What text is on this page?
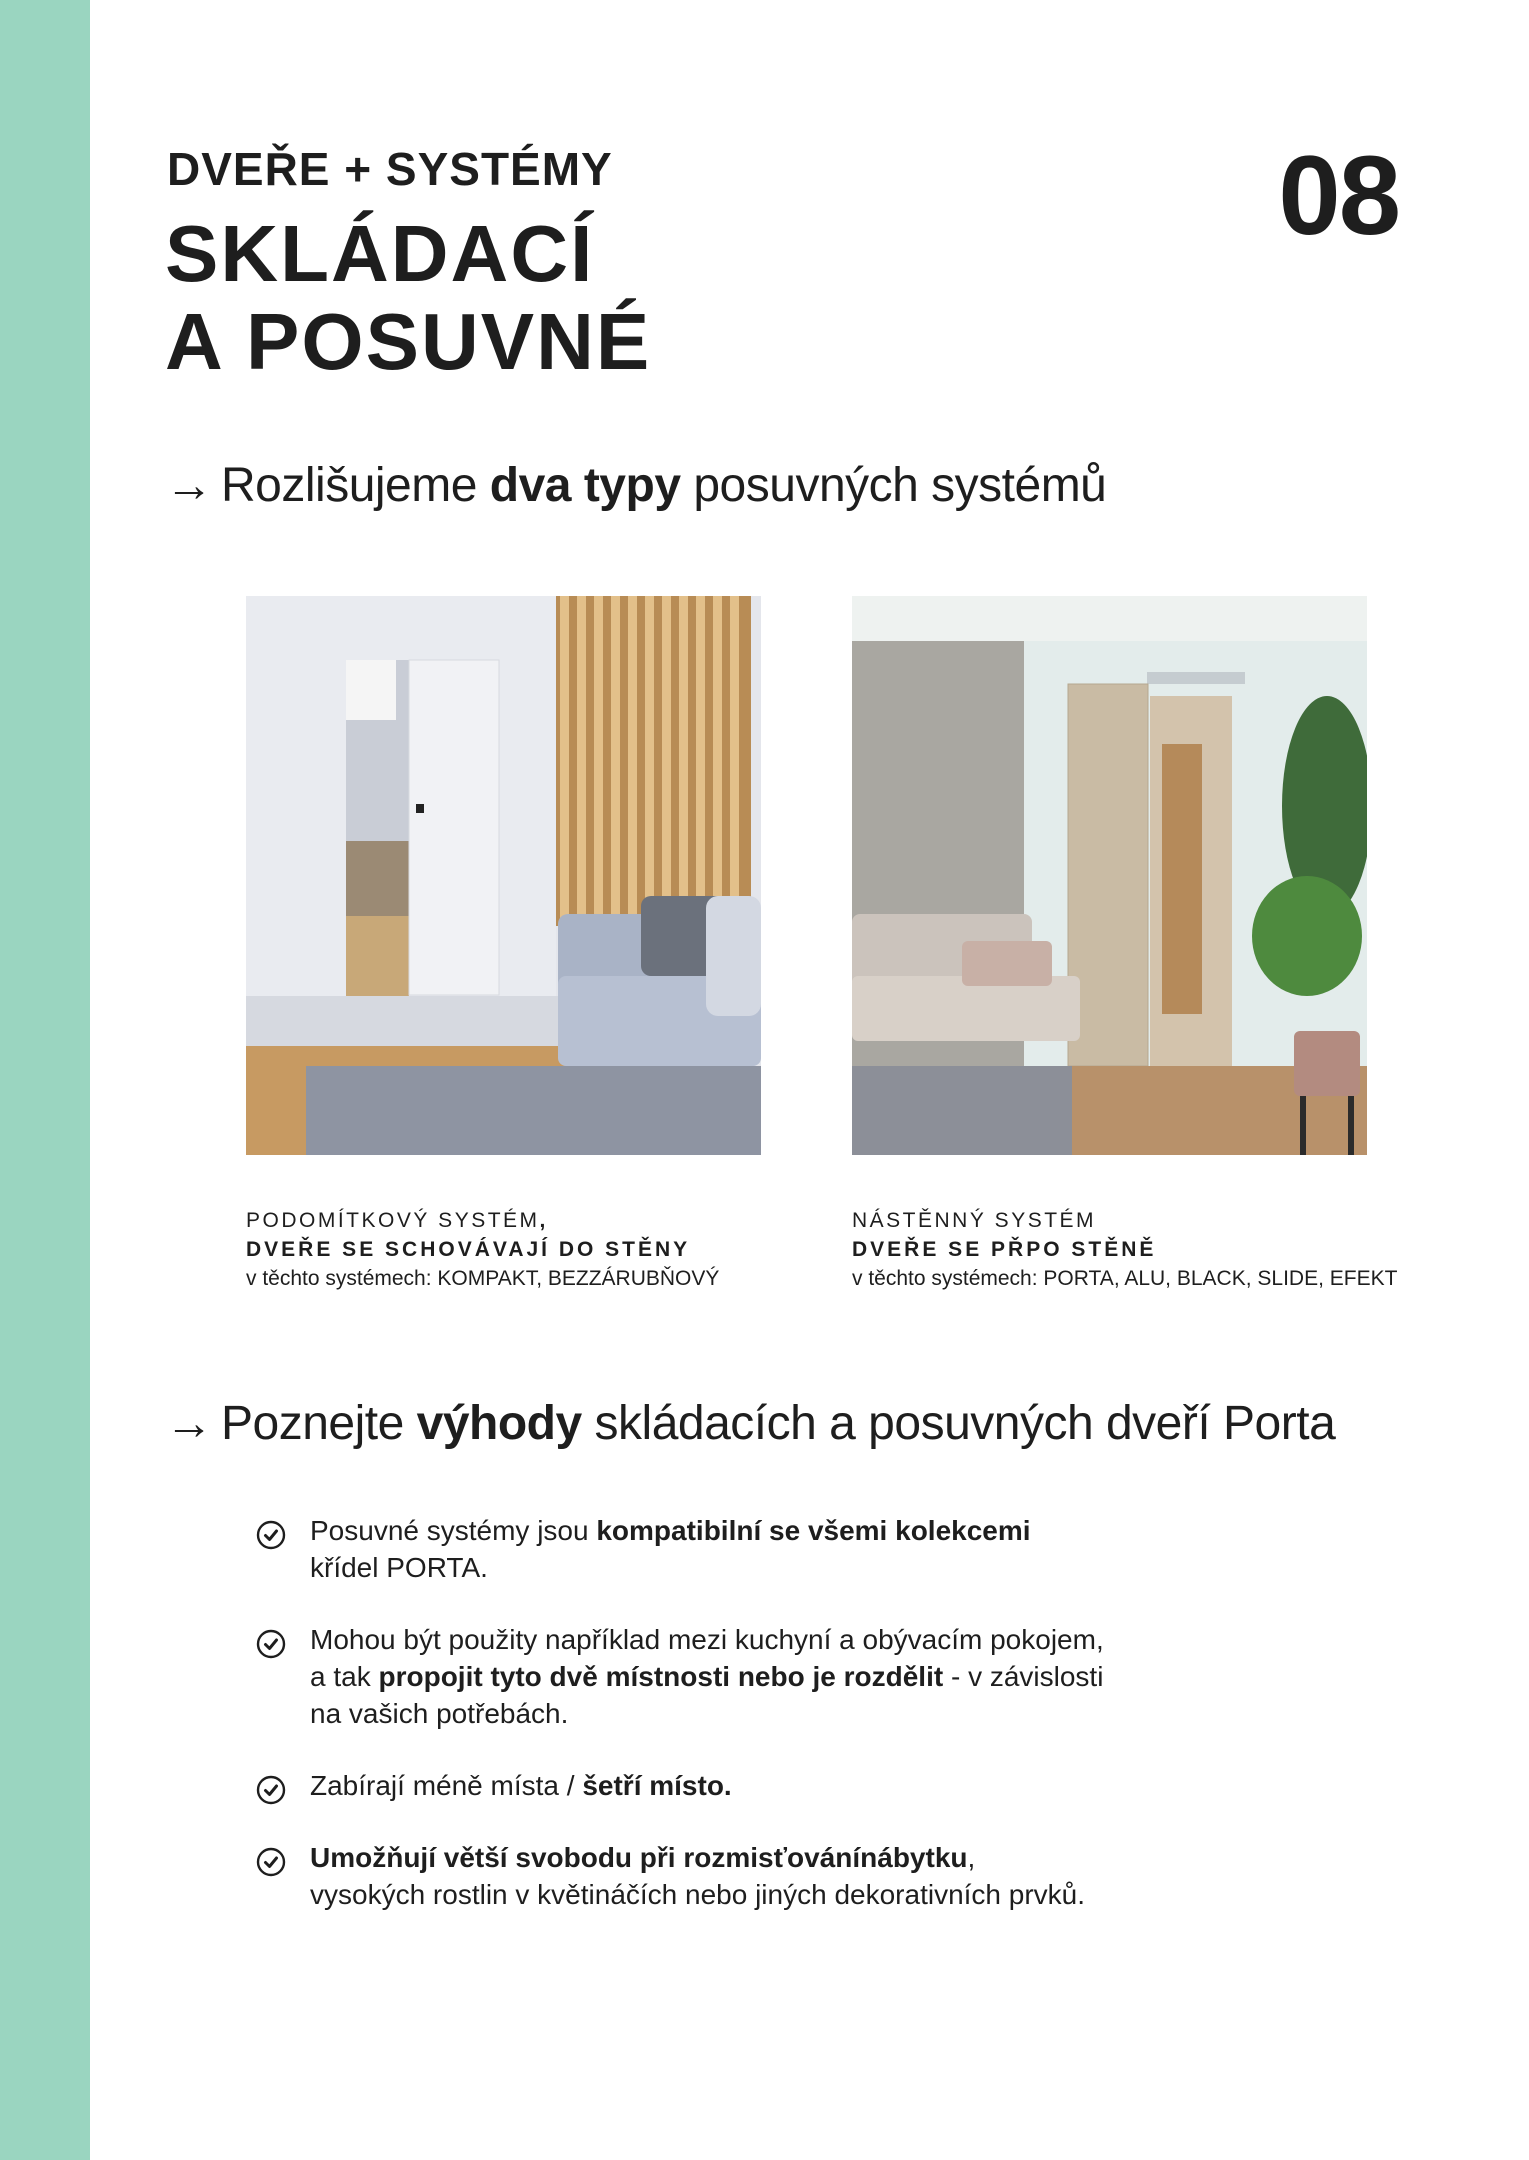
DVEŘE + SYSTÉMY
SKLÁDACÍ
A POSUVNÉ
08
→ Rozlišujeme dva typy posuvných systémů
PODOMÍTKOVÝ SYSTÉM,
DVEŘE SE SCHOVÁVAJÍ DO STĚNY
v těchto systémech: KOMPAKT, BEZZÁRUBŇOVÝ
NÁSTĚNNÝ SYSTÉM
DVEŘE SE PŘPO STĚNĚ
v těchto systémech: PORTA, ALU, BLACK, SLIDE, EFEKT
→ Poznejte výhody skládacích a posuvných dveří Porta
Posuvné systémy jsou kompatibilní se všemi kolekcemi
křídel PORTA.
Mohou být použity například mezi kuchyní a obývacím pokojem,
a tak propojit tyto dvě místnosti nebo je rozdělit - v závislosti
na vašich potřebách.
Zabírají méně místa / šetří místo.
Umožňují větší svobodu při rozmisťovánínábytku,
vysokých rostlin v květináčích nebo jiných dekorativních prvků.
